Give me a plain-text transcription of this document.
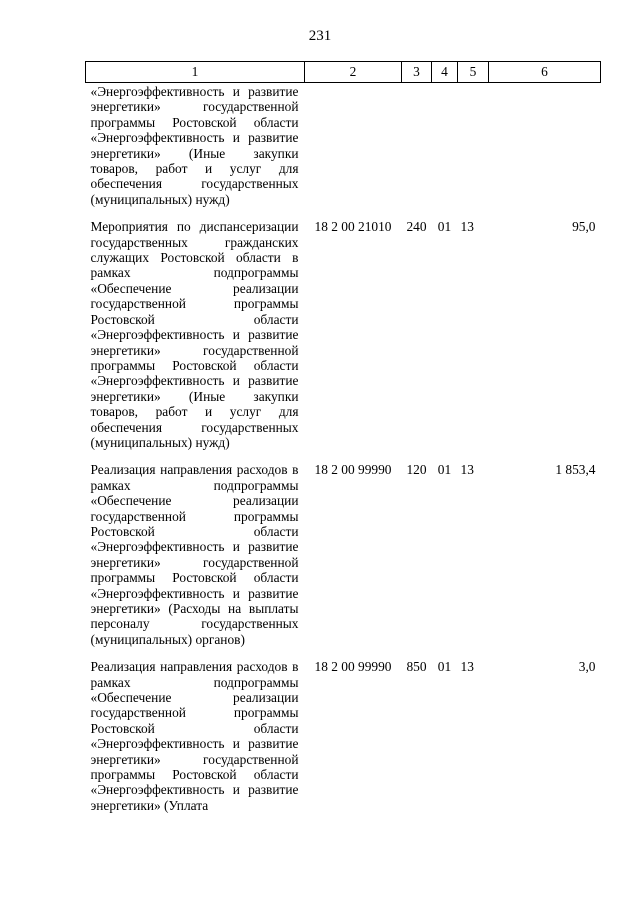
231
1	2	3	4	5	6
«Энергоэффективность и развитие энергетики» государственной программы Ростовской области «Энергоэффективность и развитие энергетики» (Иные закупки товаров, работ и услуг для обеспечения государственных (муниципальных) нужд)					

Мероприятия по диспансеризации государственных гражданских служащих Ростовской области в рамках подпрограммы «Обеспечение реализации государственной программы Ростовской области «Энергоэффективность и развитие энергетики» государственной программы Ростовской области «Энергоэффективность и развитие энергетики» (Иные закупки товаров, работ и услуг для обеспечения государственных (муниципальных) нужд)	18 2 00 21010	240	01	13	95,0

Реализация направления расходов в рамках подпрограммы «Обеспечение реализации государственной программы Ростовской области «Энергоэффективность и развитие энергетики» государственной программы Ростовской области «Энергоэффективность и развитие энергетики» (Расходы на выплаты персоналу государственных (муниципальных) органов)	18 2 00 99990	120	01	13	1 853,4

Реализация направления расходов в рамках подпрограммы «Обеспечение реализации государственной программы Ростовской области «Энергоэффективность и развитие энергетики» государственной программы Ростовской области «Энергоэффективность и развитие энергетики» (Уплата	18 2 00 99990	850	01	13	3,0
